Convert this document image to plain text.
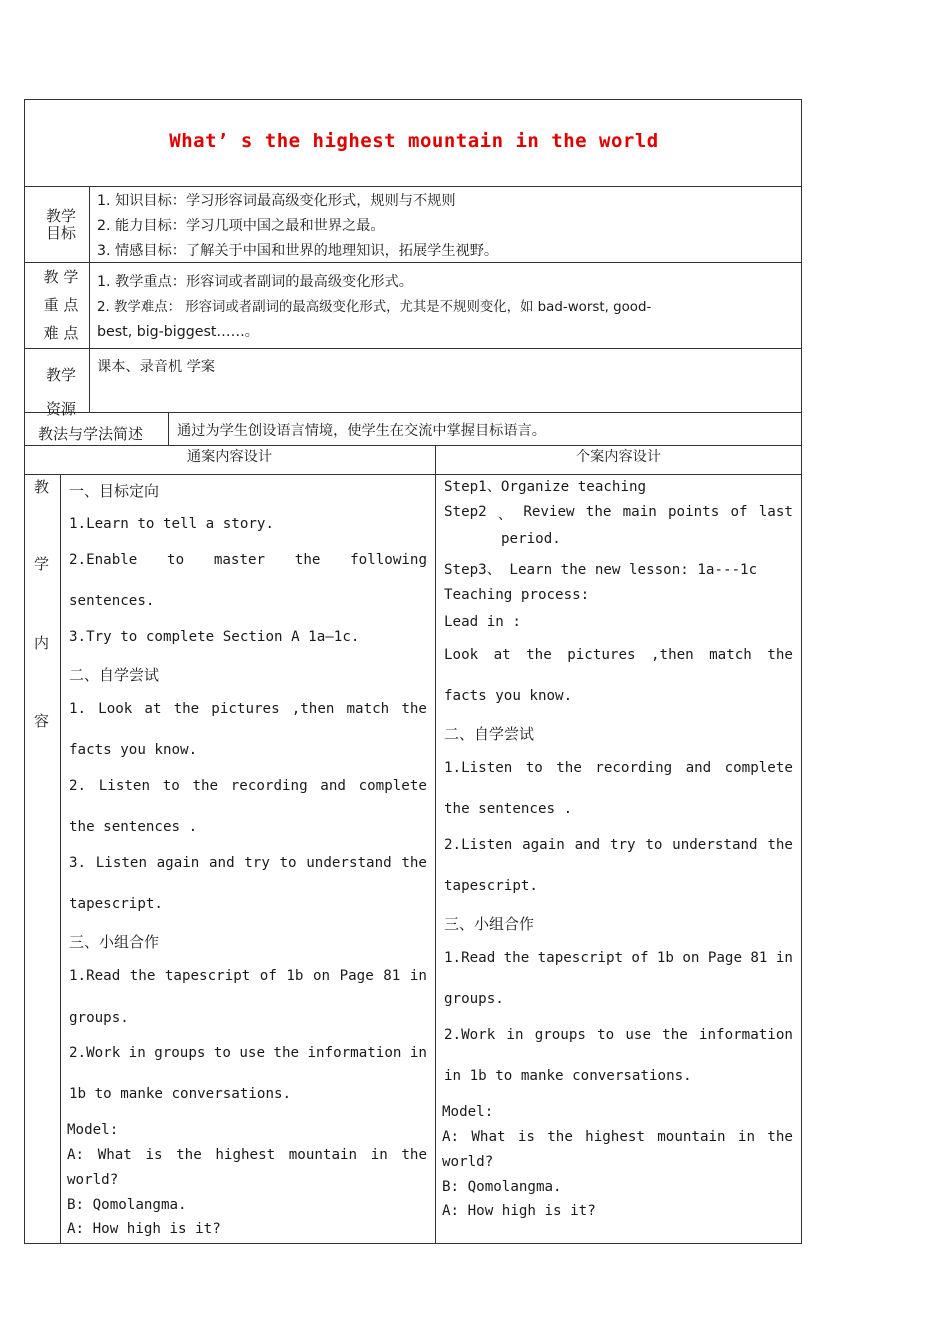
What’ s the highest mountain in the world
教学
目标
1. 知识目标：学习形容词最高级变化形式，规则与不规则
2. 能力目标：学习几项中国之最和世界之最。
3. 情感目标：了解关于中国和世界的地理知识，拓展学生视野。
教 学
重 点
难 点
1. 教学重点：形容词或者副词的最高级变化形式。
2. 教学难点： 形容词或者副词的最高级变化形式，尤其是不规则变化，如 bad-worst, good-
best, big-biggest……。
教学
资源
课本、录音机 学案
教法与学法简述 通过为学生创设语言情境，使学生在交流中掌握目标语言。
通案内容设计	个案内容设计
教
学
内
容
一、目标定向
1.Learn to tell a story.
2.Enable to master the following
sentences.
3.Try to complete Section A 1a—1c.
二、自学尝试
1. Look at the pictures ,then match the
facts you know.
2. Listen to the recording and complete
the sentences .
3. Listen again and try to understand the
tapescript.
三、小组合作
1.Read the tapescript of 1b on Page 81 in
groups.
2.Work in groups to use the information in
1b to manke conversations.
Model:
A: What is the highest mountain in the
world?
B: Qomolangma.
A: How high is it?
Step1、Organize teaching
Step2 、 Review the main points of last
period.
Step3、 Learn the new lesson: 1a---1c
Teaching process:
Lead in :
Look at the pictures ,then match the
facts you know.
二、自学尝试
1.Listen to the recording and complete
the sentences .
2.Listen again and try to understand the
tapescript.
三、小组合作
1.Read the tapescript of 1b on Page 81 in
groups.
2.Work in groups to use the information
in 1b to manke conversations.
Model:
A: What is the highest mountain in the
world?
B: Qomolangma.
A: How high is it?
